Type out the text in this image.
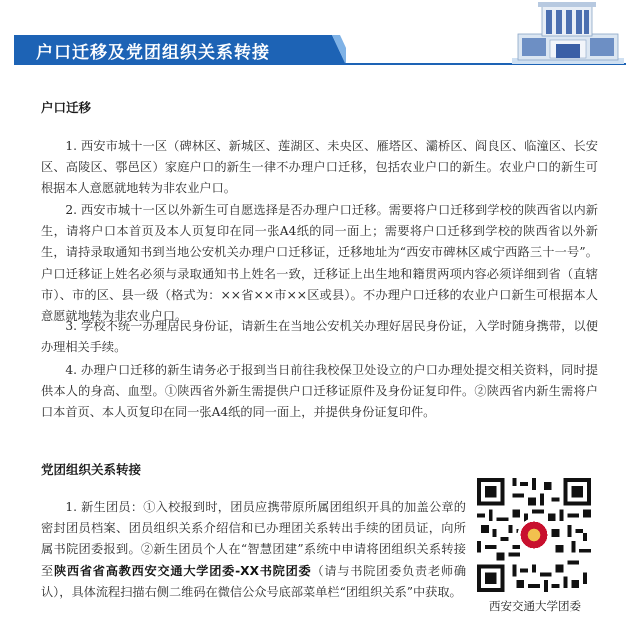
户口迁移及党团组织关系转接
户口迁移
1. 西安市城十一区（碑林区、新城区、莲湖区、未央区、雁塔区、灞桥区、阎良区、临潼区、长安区、高陵区、鄠邑区）家庭户口的新生一律不办理户口迁移，包括农业户口的新生。农业户口的新生可根据本人意愿就地转为非农业户口。
2. 西安市城十一区以外新生可自愿选择是否办理户口迁移。需要将户口迁移到学校的陕西省以内新生，请将户口本首页及本人页复印在同一张A4纸的同一面上；需要将户口迁移到学校的陕西省以外新生，请持录取通知书到当地公安机关办理户口迁移证，迁移地址为“西安市碑林区咸宁西路三十一号”。户口迁移证上姓名必须与录取通知书上姓名一致，迁移证上出生地和籍贯两项内容必须详细到省（直辖市）、市的区、县一级（格式为：××省××市××区或县）。不办理户口迁移的农业户口新生可根据本人意愿就地转为非农业户口。
3. 学校不统一办理居民身份证，请新生在当地公安机关办理好居民身份证，入学时随身携带，以便办理相关手续。
4. 办理户口迁移的新生请务必于报到当日前往我校保卫处设立的户口办理处提交相关资料，同时提供本人的身高、血型。①陕西省外新生需提供户口迁移证原件及身份证复印件。②陕西省内新生需将户口本首页、本人页复印在同一张A4纸的同一面上，并提供身份证复印件。
党团组织关系转接
1. 新生团员：①入校报到时，团员应携带原所属团组织开具的加盖公章的密封团员档案、团员组织关系介绍信和已办理团关系转出手续的团员证，向所属书院团委报到。②新生团员个人在“智慧团建”系统中申请将团组织关系转接至陕西省省高教西安交通大学团委-XX书院团委（请与书院团委负责老师确认），具体流程扫描右侧二维码在微信公众号底部菜单栏“团组织关系”中获取。
西安交通大学团委
